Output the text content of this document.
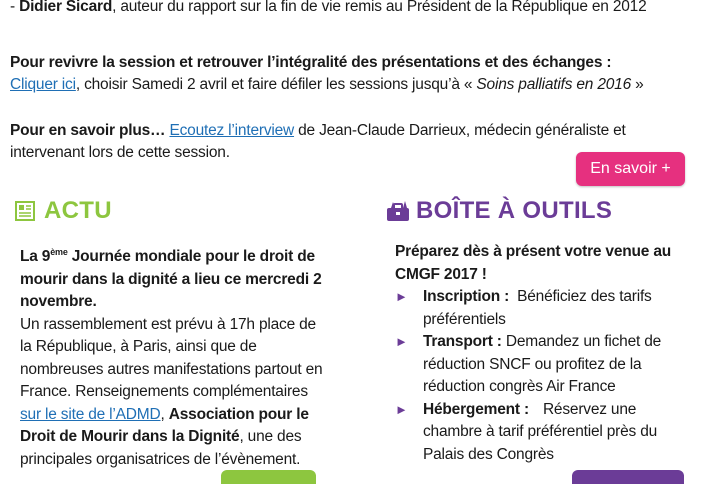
- Didier Sicard, auteur du rapport sur la fin de vie remis au Président de la République en 2012
Pour revivre la session et retrouver l’intégralité des présentations et des échanges :
Cliquer ici, choisir Samedi 2 avril et faire défiler les sessions jusqu’à « Soins palliatifs en 2016 »
Pour en savoir plus… Ecoutez l’interview de Jean-Claude Darrieux, médecin généraliste et
intervenant lors de cette session.
En savoir +
ACTU	BOÎTE À OUTILS
La 9ème Journée mondiale pour le droit de
mourir dans la dignité a lieu ce mercredi 2
novembre.
Un rassemblement est prévu à 17h place de
la République, à Paris, ainsi que de
nombreuses autres manifestations partout en
France. Renseignements complémentaires
sur le site de l’ADMD, Association pour le
Droit de Mourir dans la Dignité, une des
principales organisatrices de l’évènement.
Préparez dès à présent votre venue au
CMGF 2017 !
► Inscription :Bénéficiez des tarifs
préférentiels
► Transport : Demandez un fichet de
réduction SNCF ou profitez de la
réduction congrès Air France
► Hébergement :Réservez une
chambre à tarif préférentiel près du
Palais des Congrès
